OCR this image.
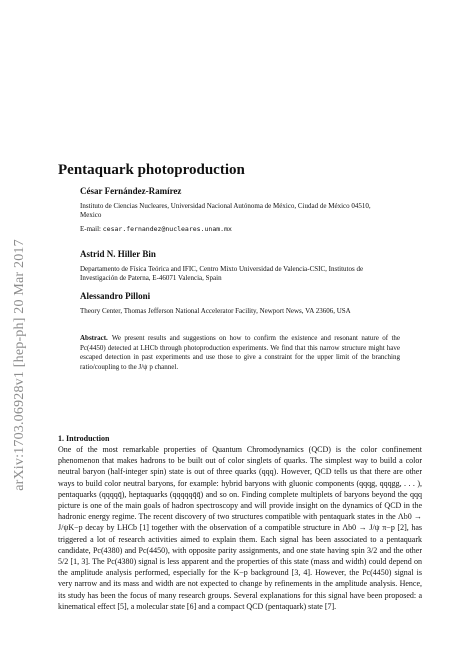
arXiv:1703.06928v1 [hep-ph] 20 Mar 2017
Pentaquark photoproduction
César Fernández-Ramírez
Instituto de Ciencias Nucleares, Universidad Nacional Autónoma de México, Ciudad de México 04510, Mexico
E-mail: cesar.fernandez@nucleares.unam.mx
Astrid N. Hiller Bin
Departamento de Física Teórica and IFIC, Centro Mixto Universidad de Valencia-CSIC, Institutos de Investigación de Paterna, E-46071 Valencia, Spain
Alessandro Pilloni
Theory Center, Thomas Jefferson National Accelerator Facility, Newport News, VA 23606, USA
Abstract. We present results and suggestions on how to confirm the existence and resonant nature of the Pc(4450) detected at LHCb through photoproduction experiments. We find that this narrow structure might have escaped detection in past experiments and use those to give a constraint for the upper limit of the branching ratio/coupling to the J/ψ p channel.
1. Introduction
One of the most remarkable properties of Quantum Chromodynamics (QCD) is the color confinement phenomenon that makes hadrons to be built out of color singlets of quarks. The simplest way to build a color neutral baryon (half-integer spin) state is out of three quarks (qqq). However, QCD tells us that there are other ways to build color neutral baryons, for example: hybrid baryons with gluonic components (qqqg, qqqgg, . . . ), pentaquarks (qqqqq̄), heptaquarks (qqqqqq̄q̄) and so on. Finding complete multiplets of baryons beyond the qqq picture is one of the main goals of hadron spectroscopy and will provide insight on the dynamics of QCD in the hadronic energy regime. The recent discovery of two structures compatible with pentaquark states in the Λb0 → J/ψK−p decay by LHCb [1] together with the observation of a compatible structure in Λb0 → J/ψ π−p [2], has triggered a lot of research activities aimed to explain them. Each signal has been associated to a pentaquark candidate, Pc(4380) and Pc(4450), with opposite parity assignments, and one state having spin 3/2 and the other 5/2 [1, 3]. The Pc(4380) signal is less apparent and the properties of this state (mass and width) could depend on the amplitude analysis performed, especially for the K−p background [3, 4]. However, the Pc(4450) signal is very narrow and its mass and width are not expected to change by refinements in the amplitude analysis. Hence, its study has been the focus of many research groups. Several explanations for this signal have been proposed: a kinematical effect [5], a molecular state [6] and a compact QCD (pentaquark) state [7].
